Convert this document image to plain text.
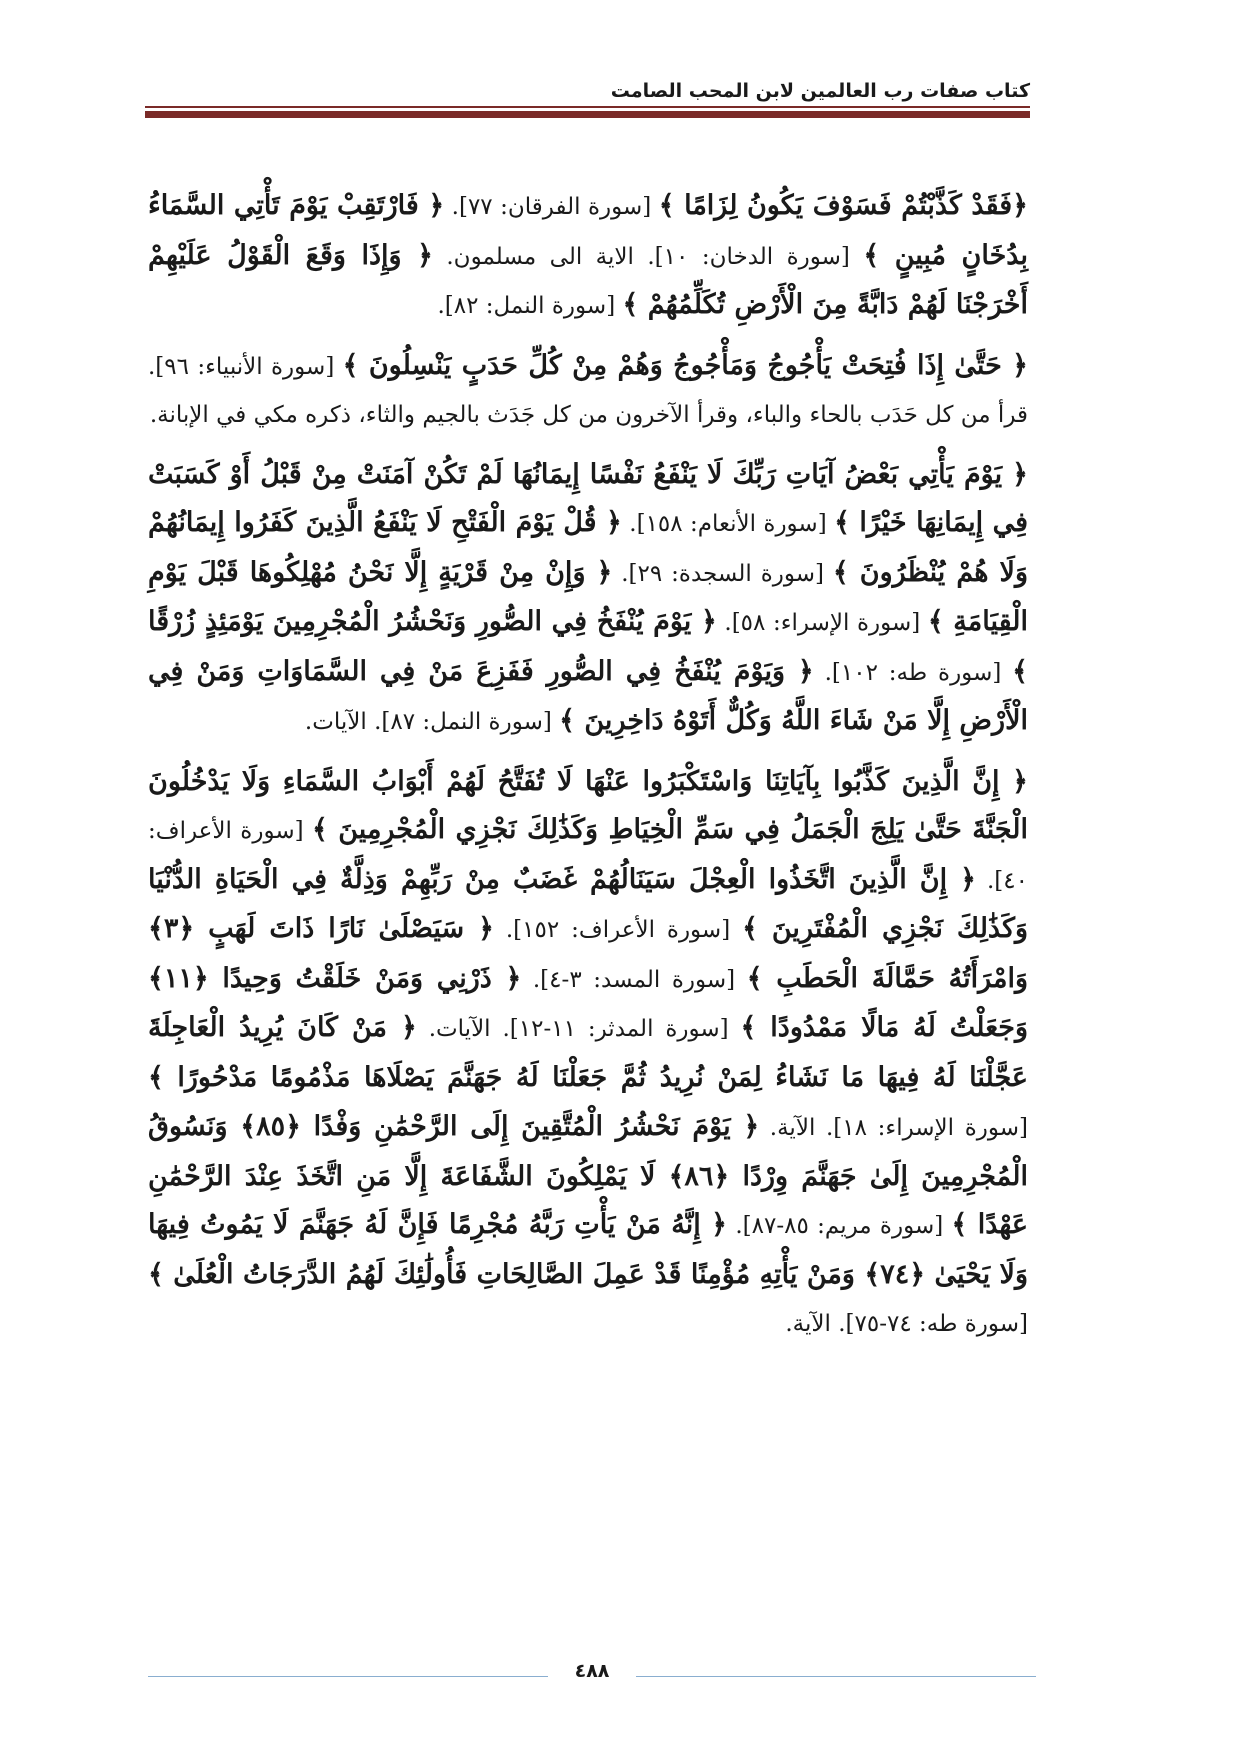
كتاب صفات رب العالمين لابن المحب الصامت

﴿فَقَدْ كَذَّبْتُمْ فَسَوْفَ يَكُونُ لِزَامًا ﴾ [سورة الفرقان: ٧٧]. ﴿ فَارْتَقِبْ يَوْمَ تَأْتِي السَّمَاءُ بِدُخَانٍ مُبِينٍ ﴾ [سورة الدخان: ١٠]. الاية الى مسلمون. ﴿ وَإِذَا وَقَعَ الْقَوْلُ عَلَيْهِمْ أَخْرَجْنَا لَهُمْ دَابَّةً مِنَ الْأَرْضِ تُكَلِّمُهُمْ ﴾ [سورة النمل: ٨٢].

﴿ حَتَّىٰ إِذَا فُتِحَتْ يَأْجُوجُ وَمَأْجُوجُ وَهُمْ مِنْ كُلِّ حَدَبٍ يَنْسِلُونَ ﴾ [سورة الأنبياء: ٩٦]. قرأ من كل حَدَب بالحاء والباء، وقرأ الآخرون من كل جَدَث بالجيم والثاء، ذكره مكي في الإبانة.

﴿ يَوْمَ يَأْتِي بَعْضُ آيَاتِ رَبِّكَ لَا يَنْفَعُ نَفْسًا إِيمَانُهَا لَمْ تَكُنْ آمَنَتْ مِنْ قَبْلُ أَوْ كَسَبَتْ فِي إِيمَانِهَا خَيْرًا ﴾ [سورة الأنعام: ١٥٨]. ﴿ قُلْ يَوْمَ الْفَتْحِ لَا يَنْفَعُ الَّذِينَ كَفَرُوا إِيمَانُهُمْ وَلَا هُمْ يُنْظَرُونَ ﴾ [سورة السجدة: ٢٩]. ﴿ وَإِنْ مِنْ قَرْيَةٍ إِلَّا نَحْنُ مُهْلِكُوهَا قَبْلَ يَوْمِ الْقِيَامَةِ ﴾ [سورة الإسراء: ٥٨]. ﴿ يَوْمَ يُنْفَخُ فِي الصُّورِ وَنَحْشُرُ الْمُجْرِمِينَ يَوْمَئِذٍ زُرْقًا ﴾ [سورة طه: ١٠٢]. ﴿ وَيَوْمَ يُنْفَخُ فِي الصُّورِ فَفَزِعَ مَنْ فِي السَّمَاوَاتِ وَمَنْ فِي الْأَرْضِ إِلَّا مَنْ شَاءَ اللَّهُ وَكُلٌّ أَتَوْهُ دَاخِرِينَ ﴾ [سورة النمل: ٨٧]. الآيات.

﴿ إِنَّ الَّذِينَ كَذَّبُوا بِآيَاتِنَا وَاسْتَكْبَرُوا عَنْهَا لَا تُفَتَّحُ لَهُمْ أَبْوَابُ السَّمَاءِ وَلَا يَدْخُلُونَ الْجَنَّةَ حَتَّىٰ يَلِجَ الْجَمَلُ فِي سَمِّ الْخِيَاطِ وَكَذَٰلِكَ نَجْزِي الْمُجْرِمِينَ ﴾ [سورة الأعراف: ٤٠]. ﴿ إِنَّ الَّذِينَ اتَّخَذُوا الْعِجْلَ سَيَنَالُهُمْ غَضَبٌ مِنْ رَبِّهِمْ وَذِلَّةٌ فِي الْحَيَاةِ الدُّنْيَا وَكَذَٰلِكَ نَجْزِي الْمُفْتَرِينَ ﴾ [سورة الأعراف: ١٥٢]. ﴿ سَيَصْلَىٰ نَارًا ذَاتَ لَهَبٍ ﴿٣﴾ وَامْرَأَتُهُ حَمَّالَةَ الْحَطَبِ ﴾ [سورة المسد: ٣-٤]. ﴿ ذَرْنِي وَمَنْ خَلَقْتُ وَحِيدًا ﴿١١﴾ وَجَعَلْتُ لَهُ مَالًا مَمْدُودًا ﴾ [سورة المدثر: ١١-١٢]. الآيات. ﴿ مَنْ كَانَ يُرِيدُ الْعَاجِلَةَ عَجَّلْنَا لَهُ فِيهَا مَا نَشَاءُ لِمَنْ نُرِيدُ ثُمَّ جَعَلْنَا لَهُ جَهَنَّمَ يَصْلَاهَا مَذْمُومًا مَدْحُورًا ﴾ [سورة الإسراء: ١٨]. الآية. ﴿ يَوْمَ نَحْشُرُ الْمُتَّقِينَ إِلَى الرَّحْمَٰنِ وَفْدًا ﴿٨٥﴾ وَنَسُوقُ الْمُجْرِمِينَ إِلَىٰ جَهَنَّمَ وِرْدًا ﴿٨٦﴾ لَا يَمْلِكُونَ الشَّفَاعَةَ إِلَّا مَنِ اتَّخَذَ عِنْدَ الرَّحْمَٰنِ عَهْدًا ﴾ [سورة مريم: ٨٥-٨٧]. ﴿ إِنَّهُ مَنْ يَأْتِ رَبَّهُ مُجْرِمًا فَإِنَّ لَهُ جَهَنَّمَ لَا يَمُوتُ فِيهَا وَلَا يَحْيَىٰ ﴿٧٤﴾ وَمَنْ يَأْتِهِ مُؤْمِنًا قَدْ عَمِلَ الصَّالِحَاتِ فَأُولَٰئِكَ لَهُمُ الدَّرَجَاتُ الْعُلَىٰ ﴾ [سورة طه: ٧٤-٧٥]. الآية.

٤٨٨
